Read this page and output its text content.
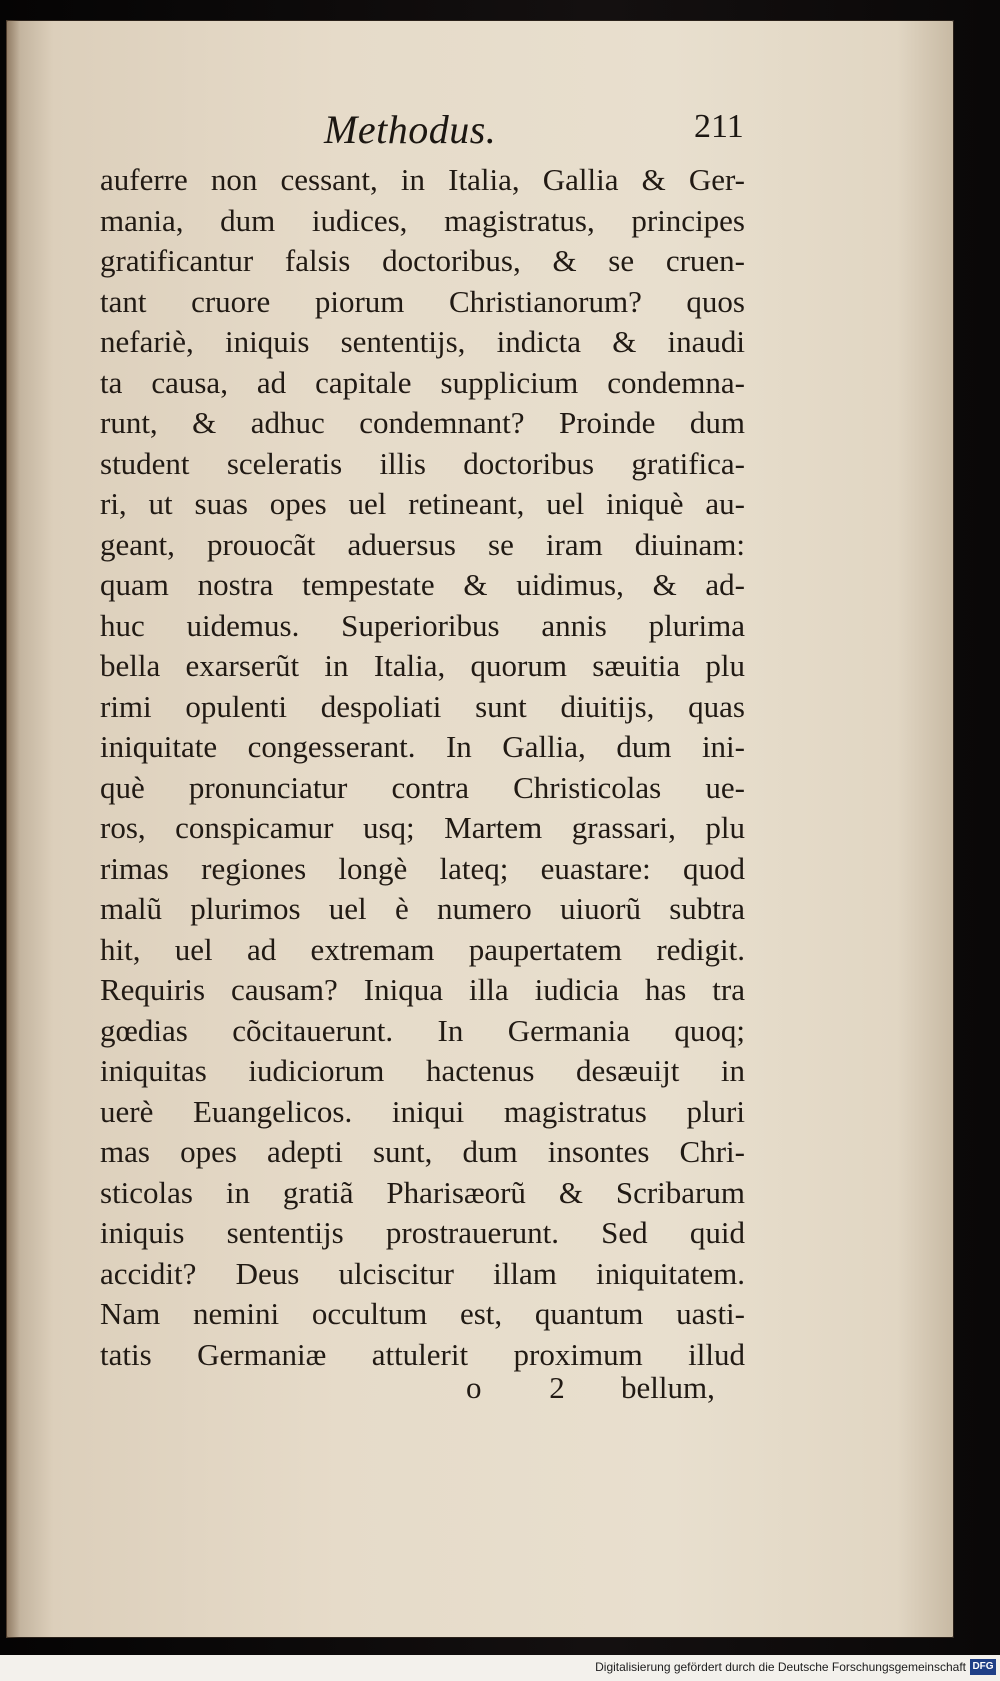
Methodus.	211
auferre non cessant, in Italia, Gallia & Ger-
mania, dum iudices, magistratus, principes
gratificantur falsis doctoribus, & se cruen-
tant cruore piorum Christianorum? quos
nefariè, iniquis sententijs, indicta & inaudi
ta causa, ad capitale supplicium condemna-
runt, & adhuc condemnant? Proinde dum
student sceleratis illis doctoribus gratifica-
ri, ut suas opes uel retineant, uel iniquè au-
geant, prouocãt aduersus se iram diuinam:
quam nostra tempestate & uidimus, & ad-
huc uidemus. Superioribus annis plurima
bella exarserũt in Italia, quorum sæuitia plu
rimi opulenti despoliati sunt diuitijs, quas
iniquitate congesserant. In Gallia, dum ini-
què pronunciatur contra Christicolas ue-
ros, conspicamur usq; Martem grassari, plu
rimas regiones longè lateq; euastare: quod
malũ plurimos uel è numero uiuorũ subtra
hit, uel ad extremam paupertatem redigit.
Requiris causam? Iniqua illa iudicia has tra
gœdias cõcitauerunt. In Germania quoq;
iniquitas iudiciorum hactenus desæuijt in
uerè Euangelicos. iniqui magistratus pluri
mas opes adepti sunt, dum insontes Chri-
sticolas in gratiã Pharisæorũ & Scribarum
iniquis sententijs prostrauerunt. Sed quid
accidit? Deus ulciscitur illam iniquitatem.
Nam nemini occultum est, quantum uasti-
tatis Germaniæ attulerit proximum illud
o 2 bellum,
Digitalisierung gefördert durch die Deutsche Forschungsgemeinschaft DFG
